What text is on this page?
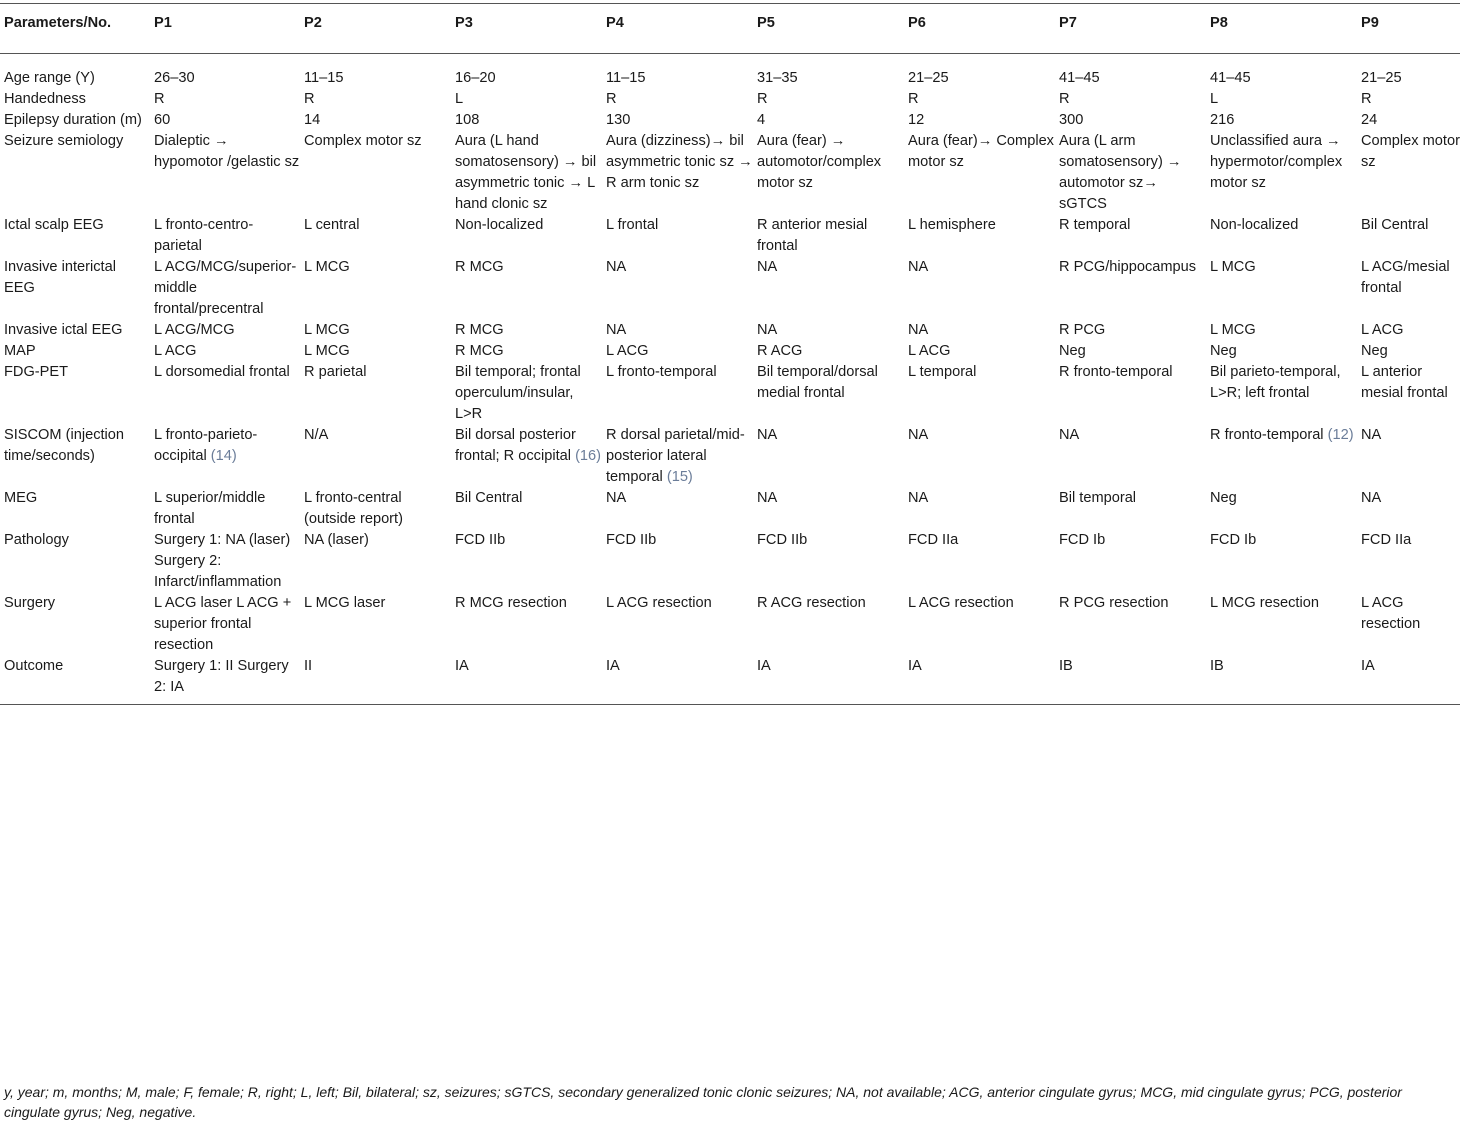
Parameters/No.	P1	P2	P3	P4	P5	P6	P7	P8	P9
Age range (Y)	26–30	11–15	16–20	11–15	31–35	21–25	41–45	41–45	21–25
Handedness	R	R	L	R	R	R	R	L	R
Epilepsy duration (m)	60	14	108	130	4	12	300	216	24
Seizure semiology	Dialeptic → hypomotor /gelastic sz	Complex motor sz	Aura (L hand somatosensory) → bil asymmetric tonic → L hand clonic sz	Aura (dizziness)→ bil asymmetric tonic sz → R arm tonic sz	Aura (fear) → automotor/complex motor sz	Aura (fear)→ Complex motor sz	Aura (L arm somatosensory) → automotor sz→ sGTCS	Unclassified aura → hypermotor/complex motor sz	Complex motor sz
Ictal scalp EEG	L fronto-centro-parietal	L central	Non-localized	L frontal	R anterior mesial frontal	L hemisphere	R temporal	Non-localized	Bil Central
Invasive interictal EEG	L ACG/MCG/superior-middle frontal/precentral	L MCG	R MCG	NA	NA	NA	R PCG/hippocampus	L MCG	L ACG/mesial frontal
Invasive ictal EEG	L ACG/MCG	L MCG	R MCG	NA	NA	NA	R PCG	L MCG	L ACG
MAP	L ACG	L MCG	R MCG	L ACG	R ACG	L ACG	Neg	Neg	Neg
FDG-PET	L dorsomedial frontal	R parietal	Bil temporal; frontal operculum/insular, L>R	L fronto-temporal	Bil temporal/dorsal medial frontal	L temporal	R fronto-temporal	Bil parieto-temporal, L>R; left frontal	L anterior mesial frontal
SISCOM (injection time/seconds)	L fronto-parieto-occipital (14)	N/A	Bil dorsal posterior frontal; R occipital (16)	R dorsal parietal/mid-posterior lateral temporal (15)	NA	NA	NA	R fronto-temporal (12)	NA
MEG	L superior/middle frontal	L fronto-central (outside report)	Bil Central	NA	NA	NA	Bil temporal	Neg	NA
Pathology	Surgery 1: NA (laser) Surgery 2: Infarct/inflammation	NA (laser)	FCD IIb	FCD IIb	FCD IIb	FCD IIa	FCD Ib	FCD Ib	FCD IIa
Surgery	L ACG laser L ACG + superior frontal resection	L MCG laser	R MCG resection	L ACG resection	R ACG resection	L ACG resection	R PCG resection	L MCG resection	L ACG resection
Outcome	Surgery 1: II Surgery 2: IA	II	IA	IA	IA	IA	IB	IB	IA
y, year; m, months; M, male; F, female; R, right; L, left; Bil, bilateral; sz, seizures; sGTCS, secondary generalized tonic clonic seizures; NA, not available; ACG, anterior cingulate gyrus; MCG, mid cingulate gyrus; PCG, posterior cingulate gyrus; Neg, negative.
